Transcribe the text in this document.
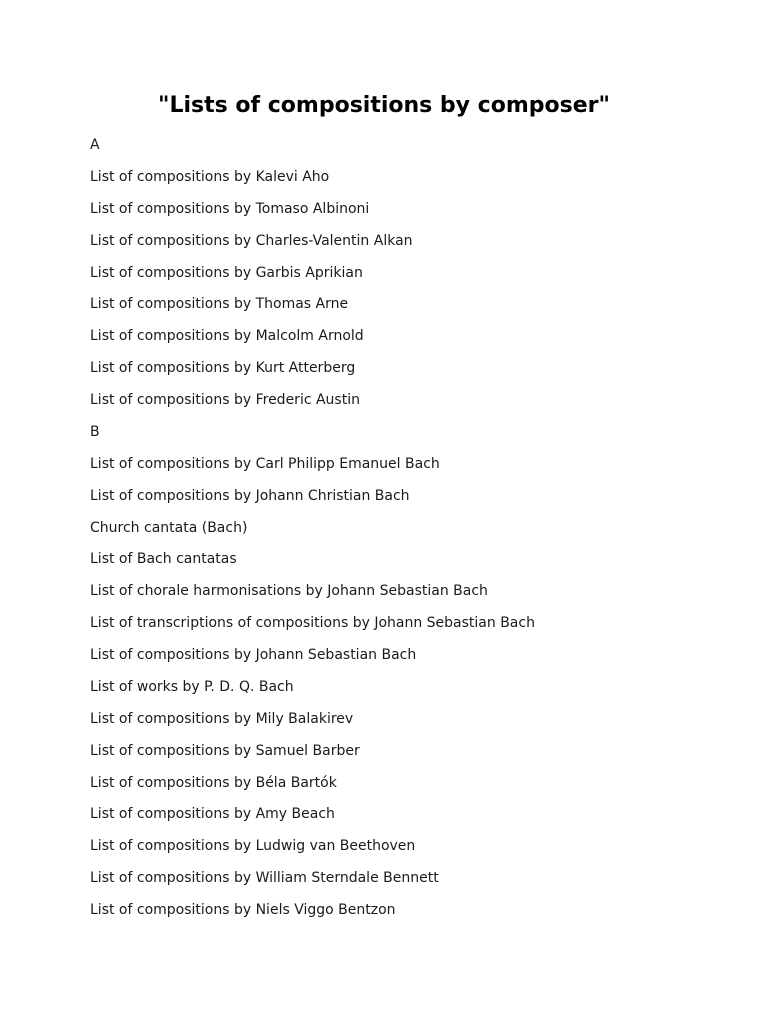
"Lists of compositions by composer"
A
List of compositions by Kalevi Aho
List of compositions by Tomaso Albinoni
List of compositions by Charles-Valentin Alkan
List of compositions by Garbis Aprikian
List of compositions by Thomas Arne
List of compositions by Malcolm Arnold
List of compositions by Kurt Atterberg
List of compositions by Frederic Austin
B
List of compositions by Carl Philipp Emanuel Bach
List of compositions by Johann Christian Bach
Church cantata (Bach)
List of Bach cantatas
List of chorale harmonisations by Johann Sebastian Bach
List of transcriptions of compositions by Johann Sebastian Bach
List of compositions by Johann Sebastian Bach
List of works by P. D. Q. Bach
List of compositions by Mily Balakirev
List of compositions by Samuel Barber
List of compositions by Béla Bartók
List of compositions by Amy Beach
List of compositions by Ludwig van Beethoven
List of compositions by William Sterndale Bennett
List of compositions by Niels Viggo Bentzon
